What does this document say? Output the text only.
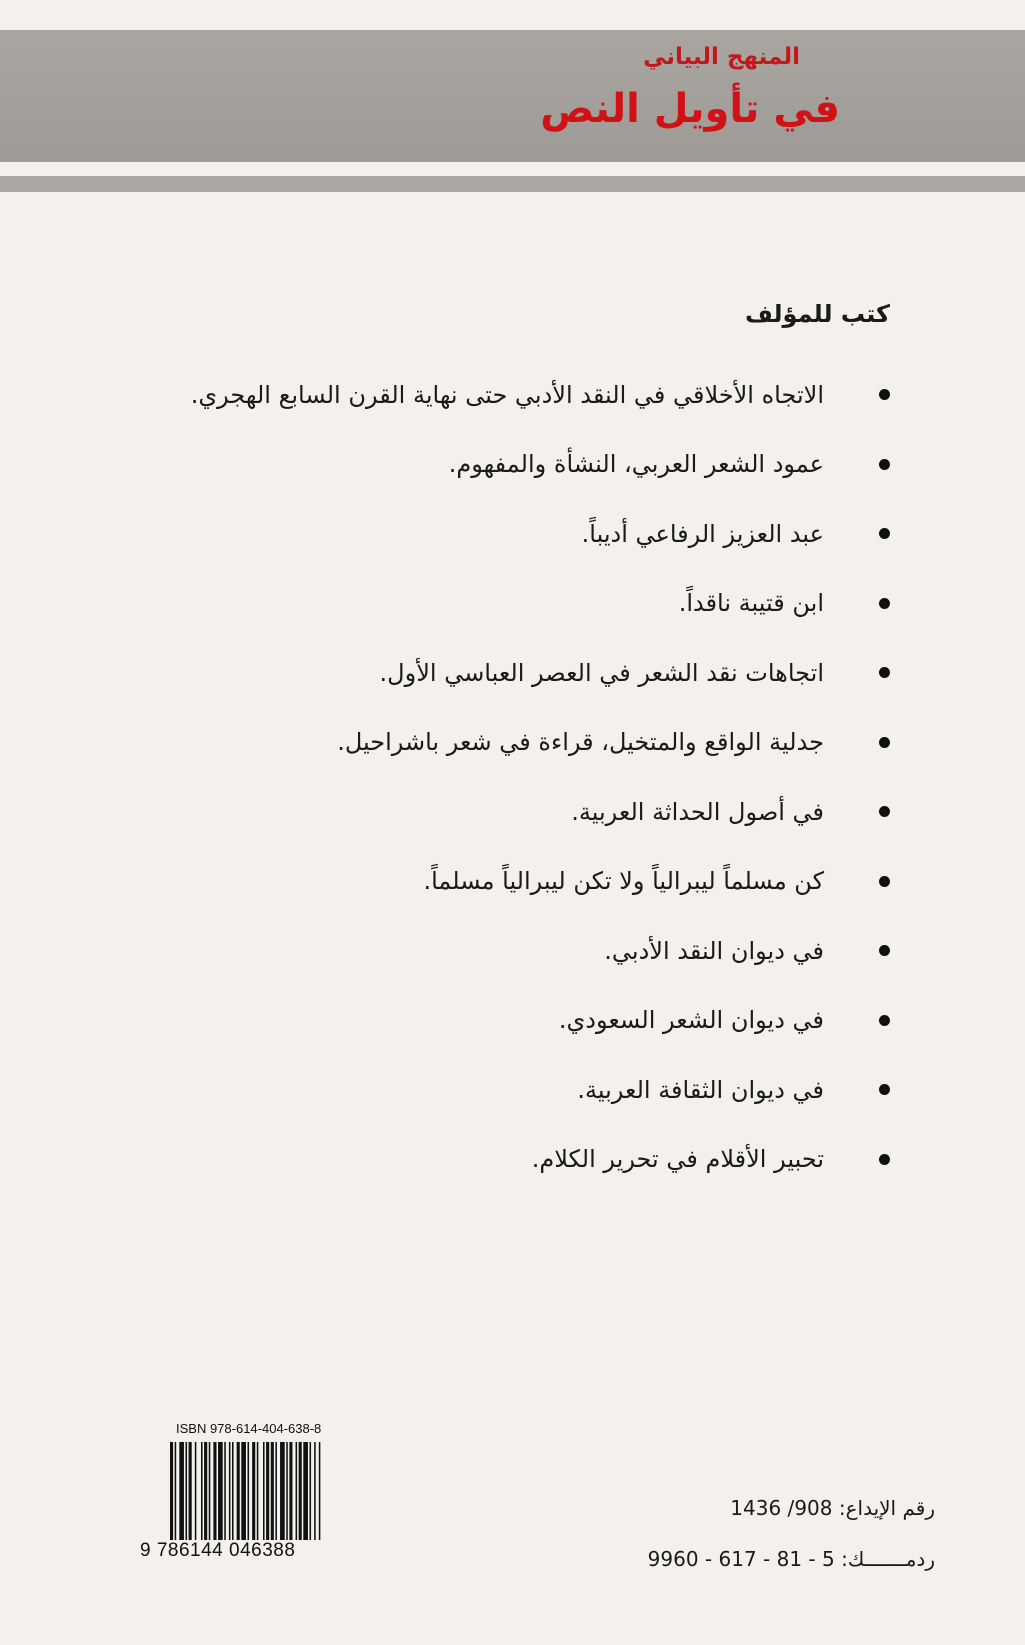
المنهج البياني
في تأويل النص
كتب للمؤلف
الاتجاه الأخلاقي في النقد الأدبي حتى نهاية القرن السابع الهجري.
عمود الشعر العربي، النشأة والمفهوم.
عبد العزيز الرفاعي أديباً.
ابن قتيبة ناقداً.
اتجاهات نقد الشعر في العصر العباسي الأول.
جدلية الواقع والمتخيل، قراءة في شعر باشراحيل.
في أصول الحداثة العربية.
كن مسلماً ليبرالياً ولا تكن ليبرالياً مسلماً.
في ديوان النقد الأدبي.
في ديوان الشعر السعودي.
في ديوان الثقافة العربية.
تحبير الأقلام في تحرير الكلام.
ISBN 978-614-404-638-8
9 786144 046388
رقم الإيداع: 908/ 1436
ردمـــــــك: 5 - 81 - 617 - 9960
